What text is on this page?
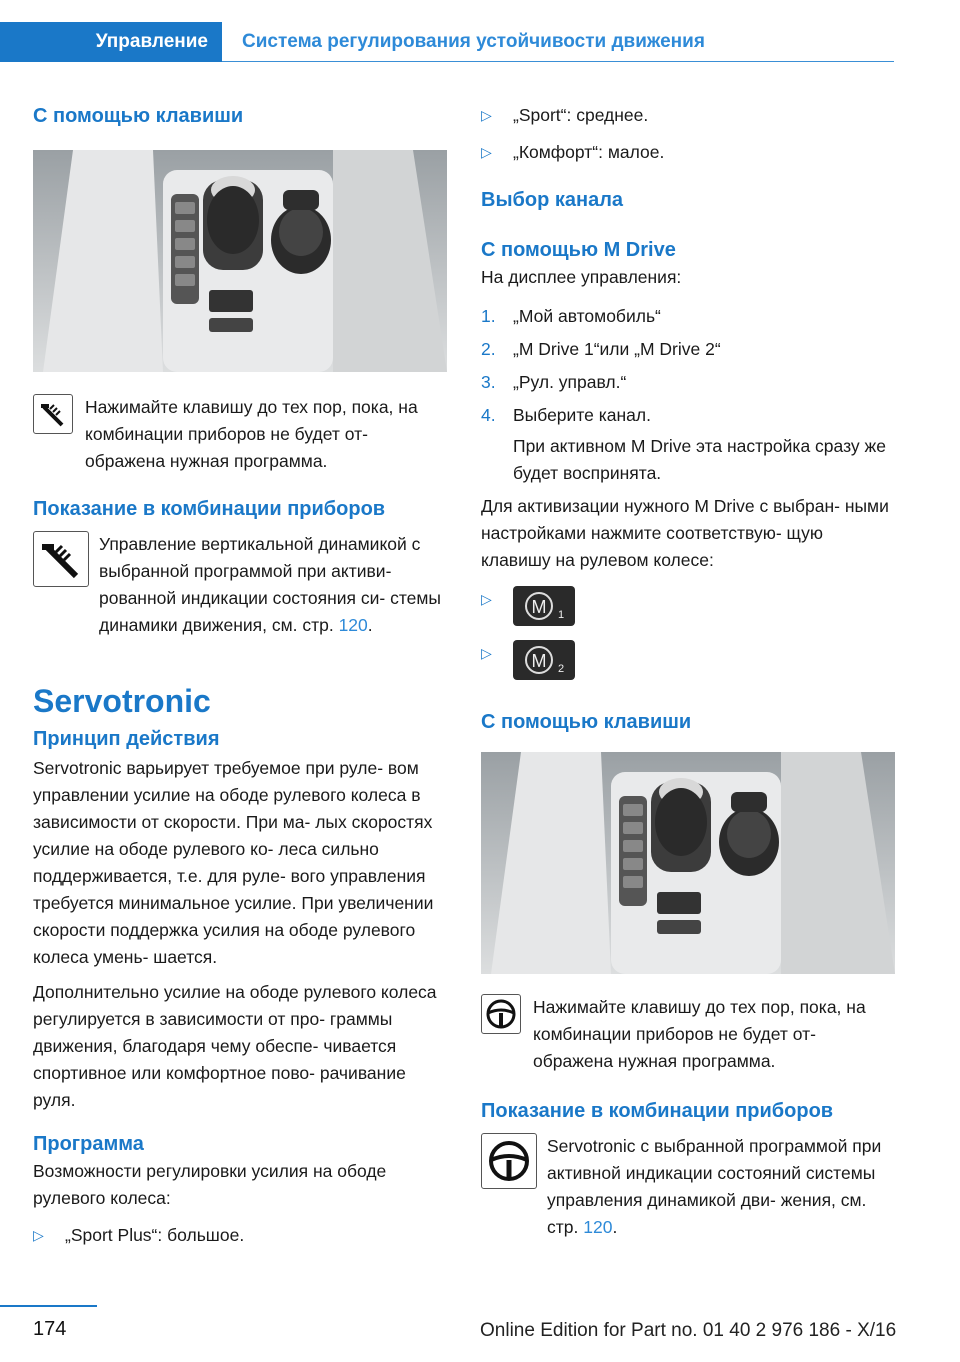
Управление	Система регулирования устойчивости движения
С помощью клавиши
Нажимайте клавишу до тех пор, пока, на комбинации приборов не будет от‐ ображена нужная программа.
Показание в комбинации приборов
Управление вертикальной динамикой с выбранной программой при активи‐ рованной индикации состояния си‐ стемы динамики движения, см. стр. 120.
Servotronic
Принцип действия
Servotronic варьирует требуемое при руле‐ вом управлении усилие на ободе рулевого колеса в зависимости от скорости. При ма‐ лых скоростях усилие на ободе рулевого ко‐ леса сильно поддерживается, т.е. для руле‐ вого управления требуется минимальное усилие. При увеличении скорости поддержка усилия на ободе рулевого колеса умень‐ шается.
Дополнительно усилие на ободе рулевого колеса регулируется в зависимости от про‐ граммы движения, благодаря чему обеспе‐ чивается спортивное или комфортное пово‐ рачивание руля.
Программа
Возможности регулировки усилия на ободе рулевого колеса:
▷ „Sport Plus“: большое.
▷ „Sport“: среднее.
▷ „Комфорт“: малое.
Выбор канала
С помощью M Drive
На дисплее управления:
1. „Мой автомобиль“
2. „M Drive 1“или „M Drive 2“
3. „Рул. управл.“
4. Выберите канал.
При активном M Drive эта настройка сразу же будет воспринята.
Для активизации нужного M Drive с выбран‐ ными настройками нажмите соответствую‐ щую клавишу на рулевом колесе:
▷ M 1
▷ M 2
С помощью клавиши
Нажимайте клавишу до тех пор, пока, на комбинации приборов не будет от‐ ображена нужная программа.
Показание в комбинации приборов
Servotronic с выбранной программой при активной индикации состояний системы управления динамикой дви‐ жения, см. стр. 120.
174	Online Edition for Part no. 01 40 2 976 186 - X/16
